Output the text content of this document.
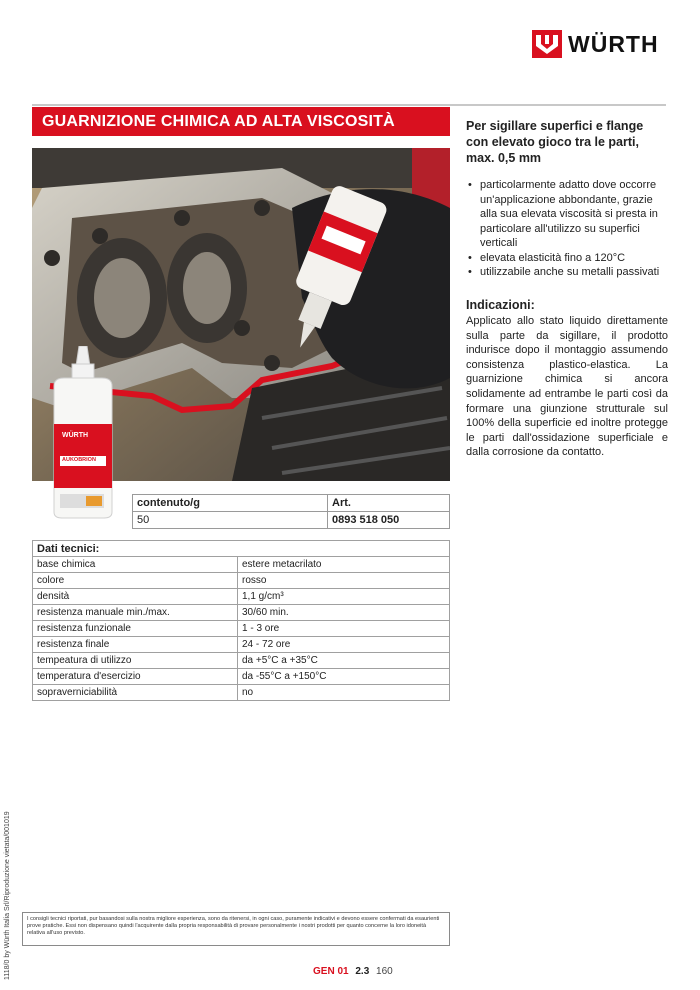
WÜRTH
GUARNIZIONE CHIMICA AD ALTA VISCOSITÀ
WÜRTH
AUKOBRION
contenuto/g	Art.
50	0893 518 050
Dati tecnici:	
base chimica	estere metacrilato
colore	rosso
densità	1,1 g/cm³
resistenza manuale min./max.	30/60 min.
resistenza funzionale	1 - 3 ore
resistenza finale	24 - 72 ore
tempeatura di utilizzo	da +5°C a +35°C
temperatura d'esercizio	da -55°C a +150°C
sopraverniciabilità	no
Per sigillare superfici e flange con elevato gioco tra le parti, max. 0,5 mm
• particolarmente adatto dove occorre un'applicazione abbondante, grazie alla sua elevata viscosità si presta in particolare all'utilizzo su superfici verticali
• elevata elasticità fino a 120°C
• utilizzabile anche su metalli passivati
Indicazioni:
Applicato allo stato liquido direttamente sulla parte da sigillare, il prodotto indurisce dopo il montaggio assumendo consistenza plastico-elastica. La guarnizione chimica si ancora solidamente ad entrambe le parti così da formare una giunzione strutturale sul 100% della superficie ed inoltre protegge le parti dall'ossidazione superficiale e dalla corrosione da contatto.
1118/0 by Würth Italia Srl/Riproduzione vietata/001019	I consigli tecnici riportati, pur basandosi sulla nostra migliore esperienza, sono da ritenersi, in ogni caso, puramente indicativi e devono essere confermati da esaurienti prove pratiche. Essi non dispensano quindi l'acquirente dalla propria responsabilità di provare personalmente i nostri prodotti per quanto concerne la loro idoneità relativa all'uso previsto.
GEN 01 2.3 160
